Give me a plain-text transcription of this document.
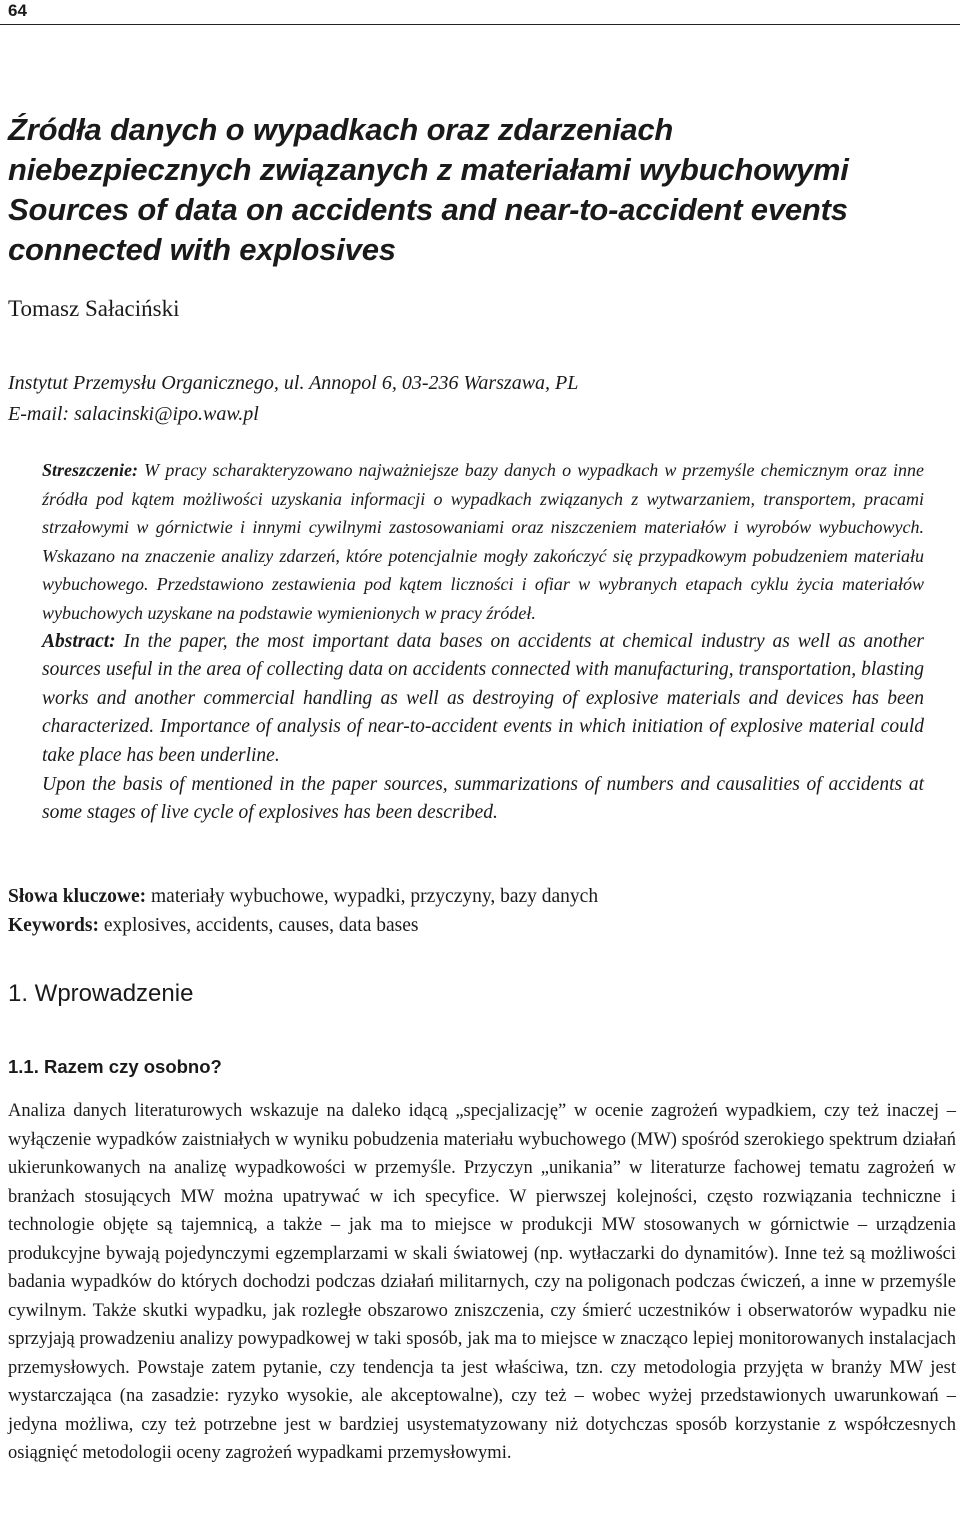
64
Źródła danych o wypadkach oraz zdarzeniach
niebezpiecznych związanych z materiałami wybuchowymi
Sources of data on accidents and near-to-accident events
connected with explosives
Tomasz Sałaciński
Instytut Przemysłu Organicznego, ul. Annopol 6, 03-236 Warszawa, PL
E-mail: salacinski@ipo.waw.pl

Streszczenie: W pracy scharakteryzowano najważniejsze bazy danych o wypadkach w przemyśle chemicznym oraz inne źródła pod kątem możliwości uzyskania informacji o wypadkach związanych z wytwarzaniem, transportem, pracami strzałowymi w górnictwie i innymi cywilnymi zastosowaniami oraz niszczeniem materiałów i wyrobów wybuchowych. Wskazano na znaczenie analizy zdarzeń, które potencjalnie mogły zakończyć się przypadkowym pobudzeniem materiału wybuchowego. Przedstawiono zestawienia pod kątem liczności i ofiar w wybranych etapach cyklu życia materiałów wybuchowych uzyskane na podstawie wymienionych w pracy źródeł.

Abstract: In the paper, the most important data bases on accidents at chemical industry as well as another sources useful in the area of collecting data on accidents connected with manufacturing, transportation, blasting works and another commercial handling as well as destroying of explosive materials and devices has been characterized. Importance of analysis of near-to-accident events in which initiation of explosive material could take place has been underline.

Upon the basis of mentioned in the paper sources, summarizations of numbers and causalities of accidents at some stages of live cycle of explosives has been described.

Słowa kluczowe: materiały wybuchowe, wypadki, przyczyny, bazy danych

Keywords: explosives, accidents, causes, data bases

1. Wprowadzenie
1.1. Razem czy osobno?

Analiza danych literaturowych wskazuje na daleko idącą „specjalizację” w ocenie zagrożeń wypadkiem, czy też inaczej – wyłączenie wypadków zaistniałych w wyniku pobudzenia materiału wybuchowego (MW) spośród szerokiego spektrum działań ukierunkowanych na analizę wypadkowości w przemyśle. Przyczyn „unikania” w literaturze fachowej tematu zagrożeń w branżach stosujących MW można upatrywać w ich specyfice. W pierwszej kolejności, często rozwiązania techniczne i technologie objęte są tajemnicą, a także – jak ma to miejsce w produkcji MW stosowanych w górnictwie – urządzenia produkcyjne bywają pojedynczymi egzemplarzami w skali światowej (np. wytłaczarki do dynamitów). Inne też są możliwości badania wypadków do których dochodzi podczas działań militarnych, czy na poligonach podczas ćwiczeń, a inne w przemyśle cywilnym. Także skutki wypadku, jak rozległe obszarowo zniszczenia, czy śmierć uczestników i obserwatorów wypadku nie sprzyjają prowadzeniu analizy powypadkowej w taki sposób, jak ma to miejsce w znacząco lepiej monitorowanych instalacjach przemysłowych. Powstaje zatem pytanie, czy tendencja ta jest właściwa, tzn. czy metodologia przyjęta w branży MW jest wystarczająca (na zasadzie: ryzyko wysokie, ale akceptowalne), czy też – wobec wyżej przedstawionych uwarunkowań – jedyna możliwa, czy też potrzebne jest w bardziej usystematyzowany niż dotychczas sposób korzystanie z współczesnych osiągnięć metodologii oceny zagrożeń wypadkami przemysłowymi.
